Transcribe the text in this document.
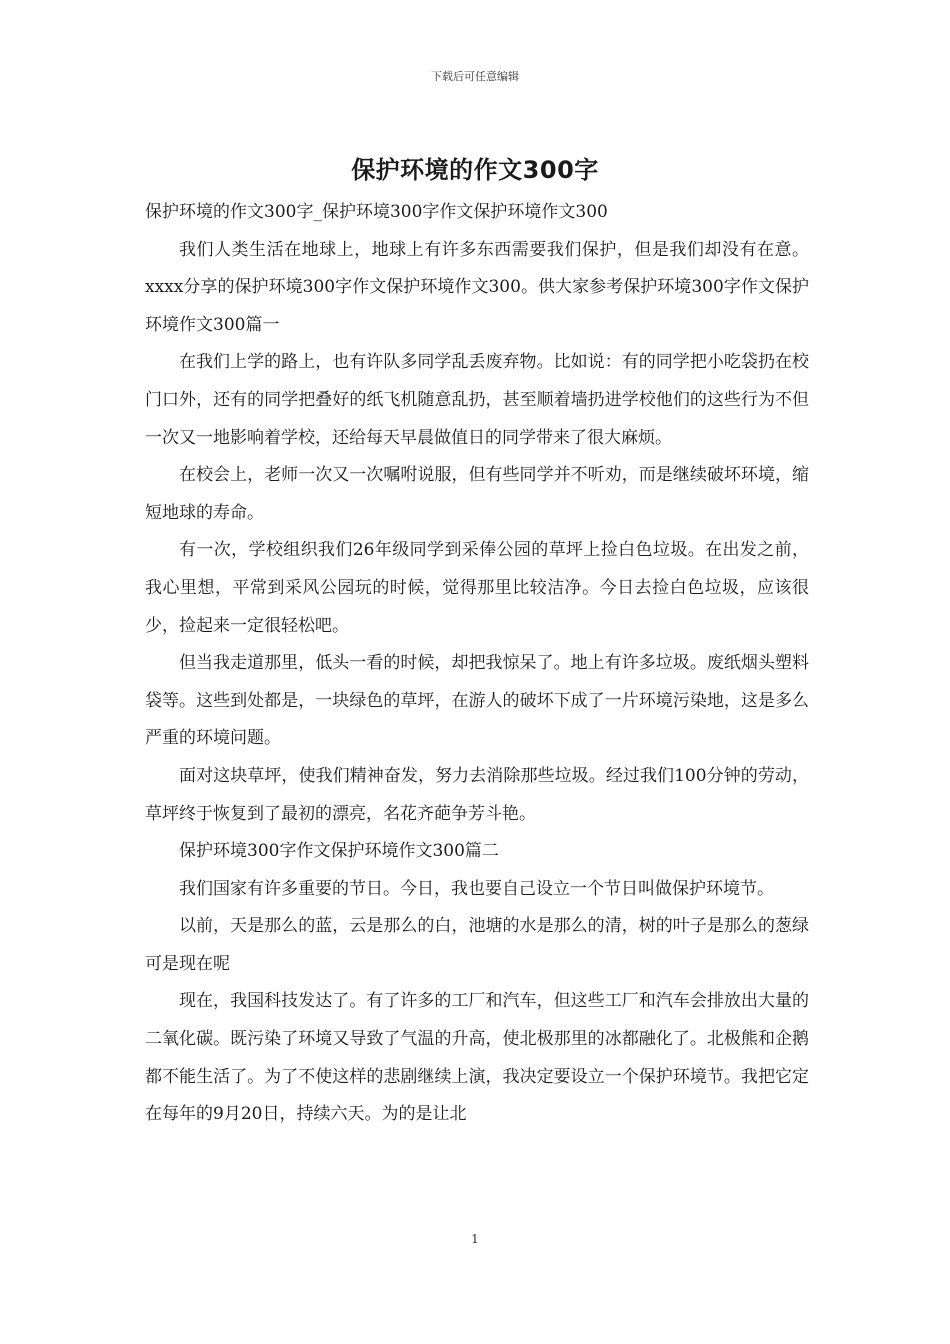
下载后可任意编辑
保护环境的作文300字

保护环境的作文300字_保护环境300字作文保护环境作文300

我们人类生活在地球上，地球上有许多东西需要我们保护，但是我们却没有在意。xxxx分享的保护环境300字作文保护环境作文300。供大家参考保护环境300字作文保护环境作文300篇一

在我们上学的路上，也有许队多同学乱丢废弃物。比如说：有的同学把小吃袋扔在校门口外，还有的同学把叠好的纸飞机随意乱扔，甚至顺着墙扔进学校他们的这些行为不但一次又一地影响着学校，还给每天早晨做值日的同学带来了很大麻烦。

在校会上，老师一次又一次嘱咐说服，但有些同学并不听劝，而是继续破坏环境，缩短地球的寿命。

有一次，学校组织我们26年级同学到采俸公园的草坪上捡白色垃圾。在出发之前，我心里想，平常到采风公园玩的时候，觉得那里比较洁净。今日去捡白色垃圾，应该很少，捡起来一定很轻松吧。

但当我走道那里，低头一看的时候，却把我惊呆了。地上有许多垃圾。废纸烟头塑料袋等。这些到处都是，一块绿色的草坪，在游人的破坏下成了一片环境污染地，这是多么严重的环境问题。

面对这块草坪，使我们精神奋发，努力去消除那些垃圾。经过我们100分钟的劳动，草坪终于恢复到了最初的漂亮，名花齐葩争芳斗艳。

保护环境300字作文保护环境作文300篇二

我们国家有许多重要的节日。今日，我也要自己设立一个节日叫做保护环境节。

以前，天是那么的蓝，云是那么的白，池塘的水是那么的清，树的叶子是那么的葱绿可是现在呢

现在，我国科技发达了。有了许多的工厂和汽车，但这些工厂和汽车会排放出大量的二氧化碳。既污染了环境又导致了气温的升高，使北极那里的冰都融化了。北极熊和企鹅都不能生活了。为了不使这样的悲剧继续上演，我决定要设立一个保护环境节。我把它定在每年的9月20日，持续六天。为的是让北

1
